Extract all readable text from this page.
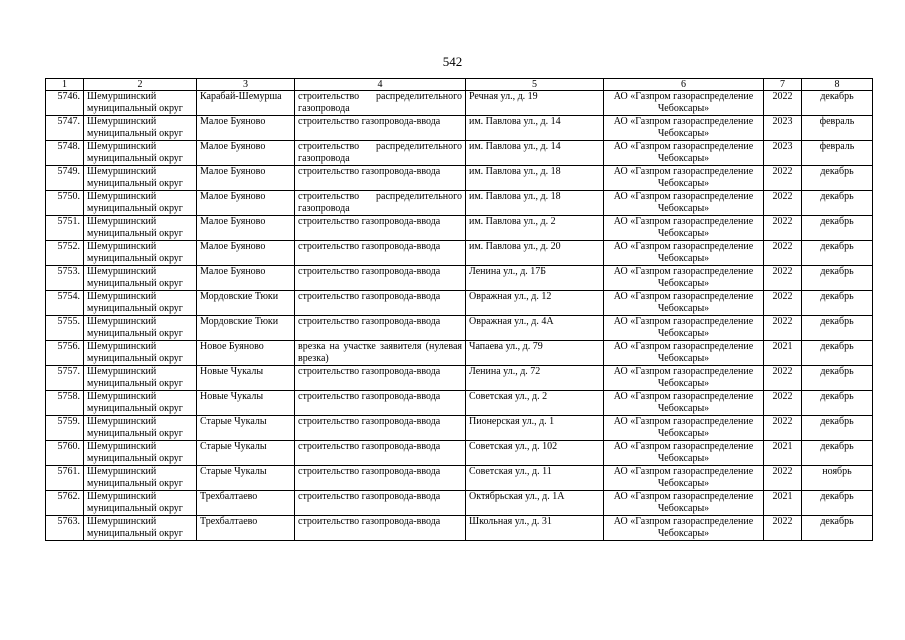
542
1	2	3	4	5	6	7	8
5746.	Шемуршинский муниципальный округ	Карабай-Шемурша	строительство распределительного газопровода	Речная ул., д. 19	АО «Газпром газораспределение Чебоксары»	2022	декабрь
5747.	Шемуршинский муниципальный округ	Малое Буяново	строительство газопровода-ввода	им. Павлова ул., д. 14	АО «Газпром газораспределение Чебоксары»	2023	февраль
5748.	Шемуршинский муниципальный округ	Малое Буяново	строительство распределительного газопровода	им. Павлова ул., д. 14	АО «Газпром газораспределение Чебоксары»	2023	февраль
5749.	Шемуршинский муниципальный округ	Малое Буяново	строительство газопровода-ввода	им. Павлова ул., д. 18	АО «Газпром газораспределение Чебоксары»	2022	декабрь
5750.	Шемуршинский муниципальный округ	Малое Буяново	строительство распределительного газопровода	им. Павлова ул., д. 18	АО «Газпром газораспределение Чебоксары»	2022	декабрь
5751.	Шемуршинский муниципальный округ	Малое Буяново	строительство газопровода-ввода	им. Павлова ул., д. 2	АО «Газпром газораспределение Чебоксары»	2022	декабрь
5752.	Шемуршинский муниципальный округ	Малое Буяново	строительство газопровода-ввода	им. Павлова ул., д. 20	АО «Газпром газораспределение Чебоксары»	2022	декабрь
5753.	Шемуршинский муниципальный округ	Малое Буяново	строительство газопровода-ввода	Ленина ул., д. 17Б	АО «Газпром газораспределение Чебоксары»	2022	декабрь
5754.	Шемуршинский муниципальный округ	Мордовские Тюки	строительство газопровода-ввода	Овражная ул., д. 12	АО «Газпром газораспределение Чебоксары»	2022	декабрь
5755.	Шемуршинский муниципальный округ	Мордовские Тюки	строительство газопровода-ввода	Овражная ул., д. 4А	АО «Газпром газораспределение Чебоксары»	2022	декабрь
5756.	Шемуршинский муниципальный округ	Новое Буяново	врезка на участке заявителя (нулевая врезка)	Чапаева ул., д. 79	АО «Газпром газораспределение Чебоксары»	2021	декабрь
5757.	Шемуршинский муниципальный округ	Новые Чукалы	строительство газопровода-ввода	Ленина ул., д. 72	АО «Газпром газораспределение Чебоксары»	2022	декабрь
5758.	Шемуршинский муниципальный округ	Новые Чукалы	строительство газопровода-ввода	Советская ул., д. 2	АО «Газпром газораспределение Чебоксары»	2022	декабрь
5759.	Шемуршинский муниципальный округ	Старые Чукалы	строительство газопровода-ввода	Пионерская ул., д. 1	АО «Газпром газораспределение Чебоксары»	2022	декабрь
5760.	Шемуршинский муниципальный округ	Старые Чукалы	строительство газопровода-ввода	Советская ул., д. 102	АО «Газпром газораспределение Чебоксары»	2021	декабрь
5761.	Шемуршинский муниципальный округ	Старые Чукалы	строительство газопровода-ввода	Советская ул., д. 11	АО «Газпром газораспределение Чебоксары»	2022	ноябрь
5762.	Шемуршинский муниципальный округ	Трехбалтаево	строительство газопровода-ввода	Октябрьская ул., д. 1А	АО «Газпром газораспределение Чебоксары»	2021	декабрь
5763.	Шемуршинский муниципальный округ	Трехбалтаево	строительство газопровода-ввода	Школьная ул., д. 31	АО «Газпром газораспределение Чебоксары»	2022	декабрь
